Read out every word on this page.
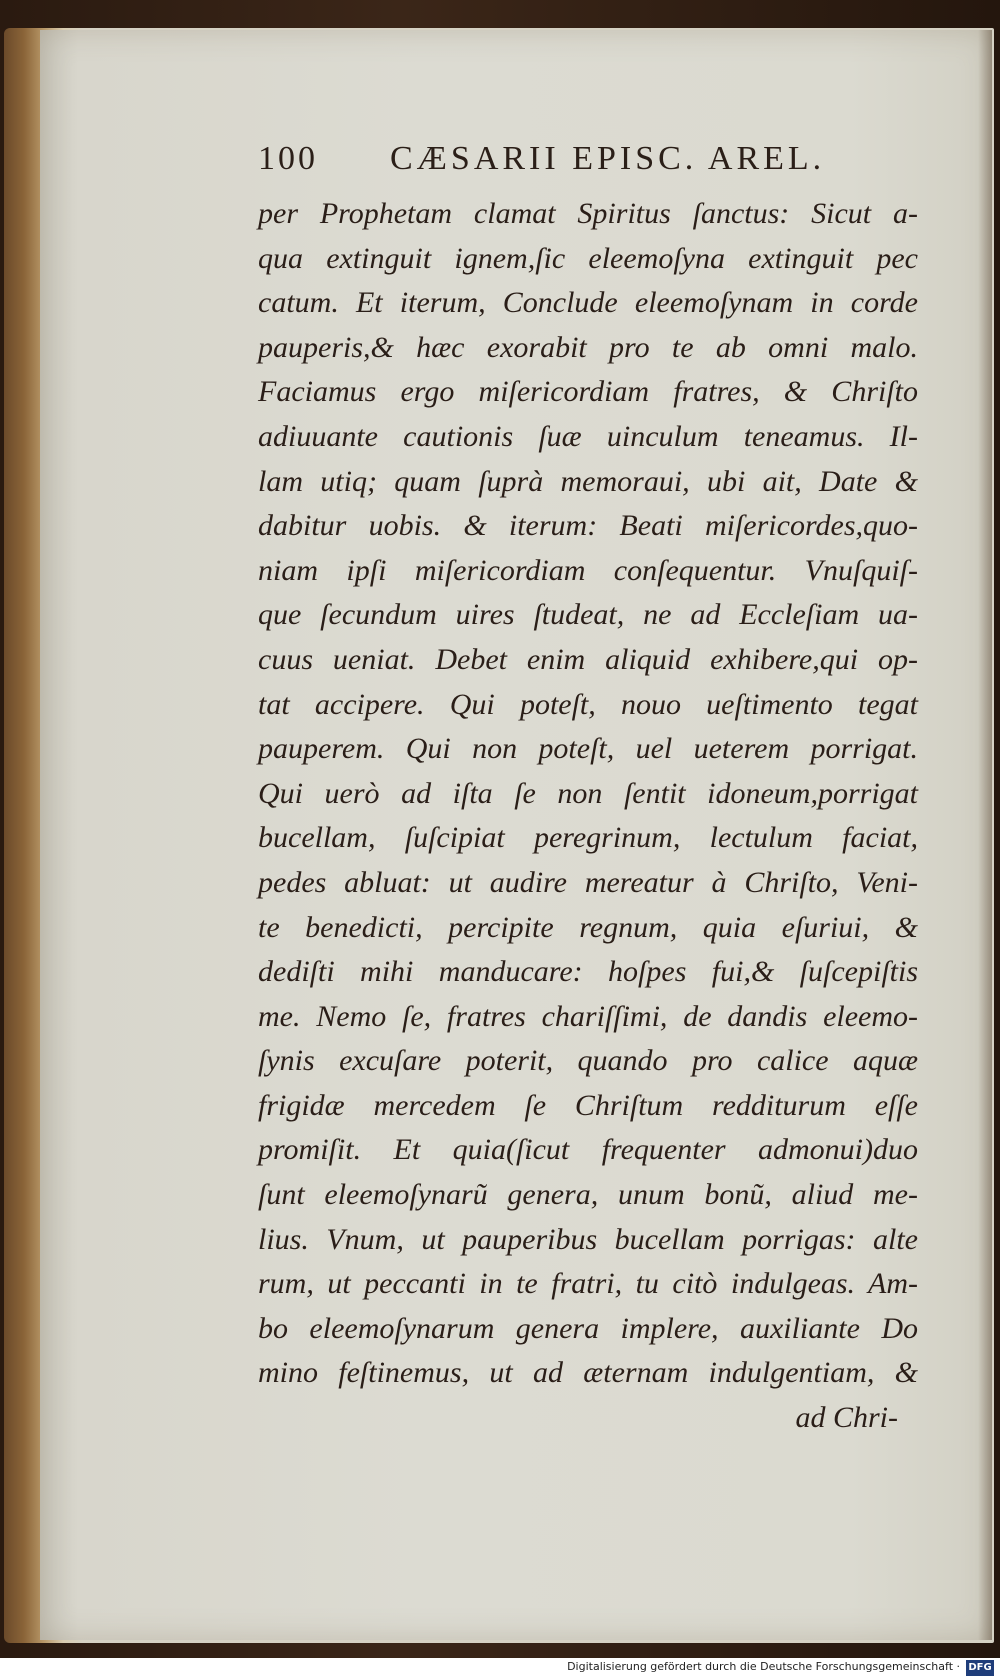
100 CÆSARII EPISC. AREL.
per Prophetam clamat Spiritus ſanctus: Sicut a-
qua extinguit ignem,ſic eleemoſyna extinguit pec
catum. Et iterum, Conclude eleemoſynam in corde
pauperis,& hæc exorabit pro te ab omni malo.
Faciamus ergo miſericordiam fratres, & Chriſto
adiuuante cautionis ſuæ uinculum teneamus. Il-
lam utiq; quam ſuprà memoraui, ubi ait, Date &
dabitur uobis. & iterum: Beati miſericordes,quo-
niam ipſi miſericordiam conſequentur. Vnuſquiſ-
que ſecundum uires ſtudeat, ne ad Eccleſiam ua-
cuus ueniat. Debet enim aliquid exhibere,qui op-
tat accipere. Qui poteſt, nouo ueſtimento tegat
pauperem. Qui non poteſt, uel ueterem porrigat.
Qui uerò ad iſta ſe non ſentit idoneum,porrigat
bucellam, ſuſcipiat peregrinum, lectulum faciat,
pedes abluat: ut audire mereatur à Chriſto, Veni-
te benedicti, percipite regnum, quia eſuriui, &
dediſti mihi manducare: hoſpes fui,& ſuſcepiſtis
me. Nemo ſe, fratres chariſſimi, de dandis eleemo-
ſynis excuſare poterit, quando pro calice aquæ
frigidæ mercedem ſe Chriſtum redditurum eſſe
promiſit. Et quia(ſicut frequenter admonui)duo
ſunt eleemoſynarũ genera, unum bonũ, aliud me-
lius. Vnum, ut pauperibus bucellam porrigas: alte
rum, ut peccanti in te fratri, tu citò indulgeas. Am-
bo eleemoſynarum genera implere, auxiliante Do
mino feſtinemus, ut ad æternam indulgentiam, &
ad Chri-
Digitalisierung gefördert durch die Deutsche Forschungsgemeinschaft · DFG
